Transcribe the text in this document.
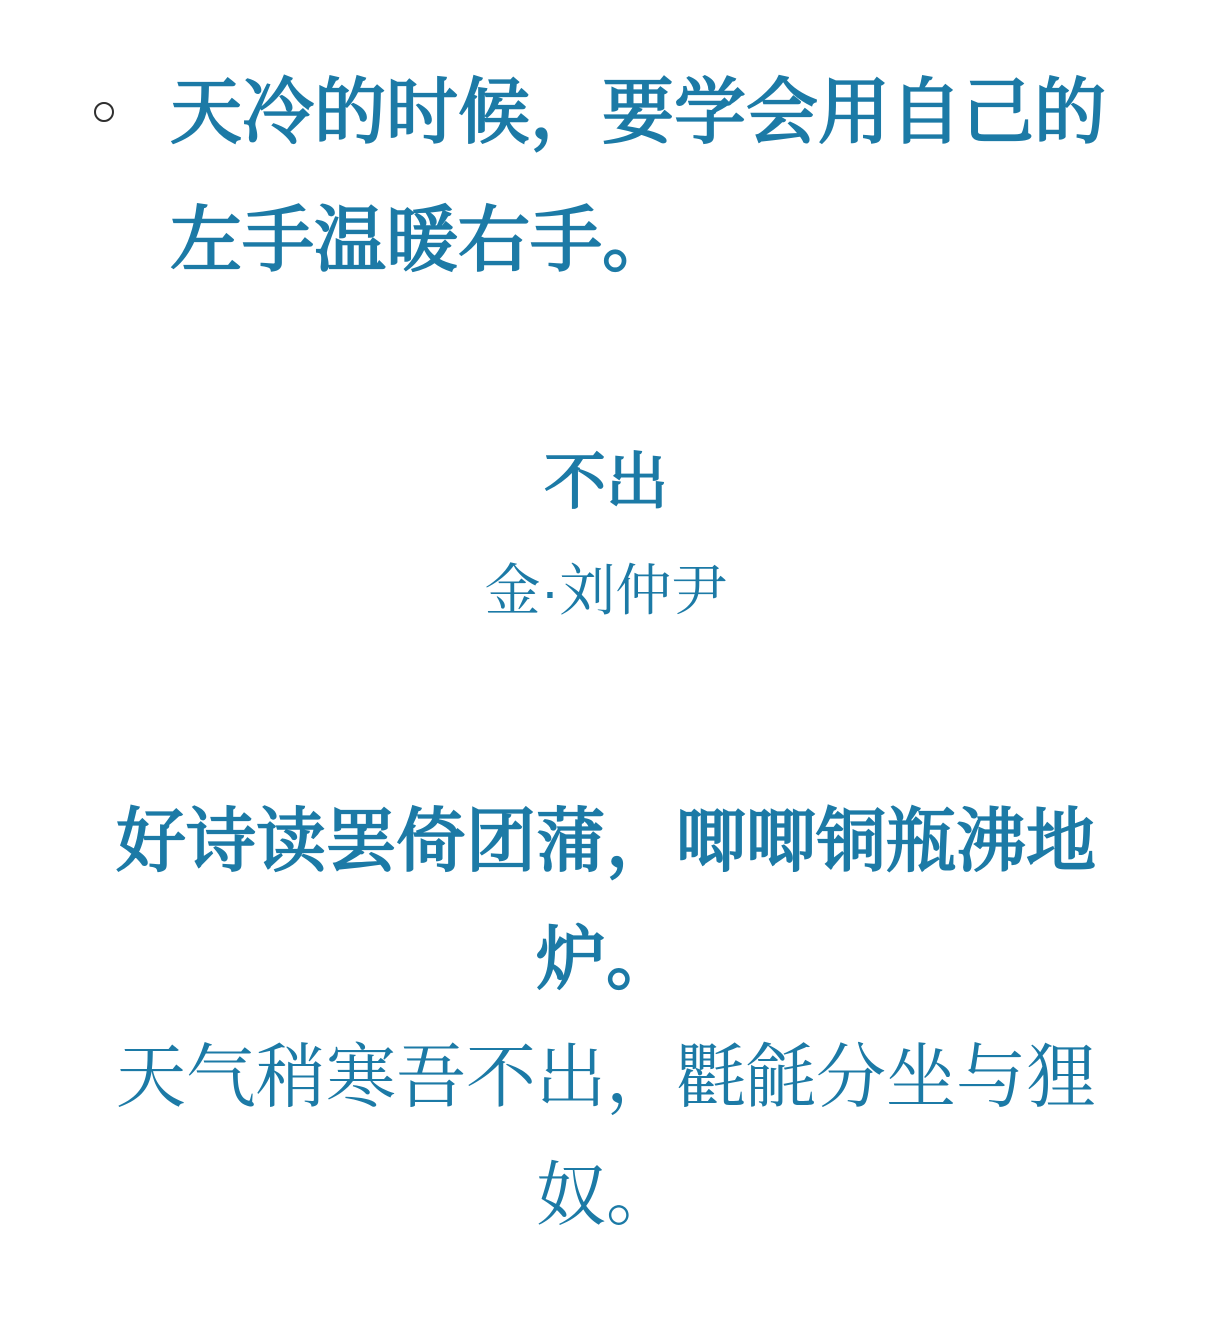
天冷的时候，要学会用自己的
左手温暖右手。
不出

金·刘仲尹

好诗读罢倚团蒲，唧唧铜瓶沸地
炉。
天气稍寒吾不出，氍毹分坐与狸
奴。
